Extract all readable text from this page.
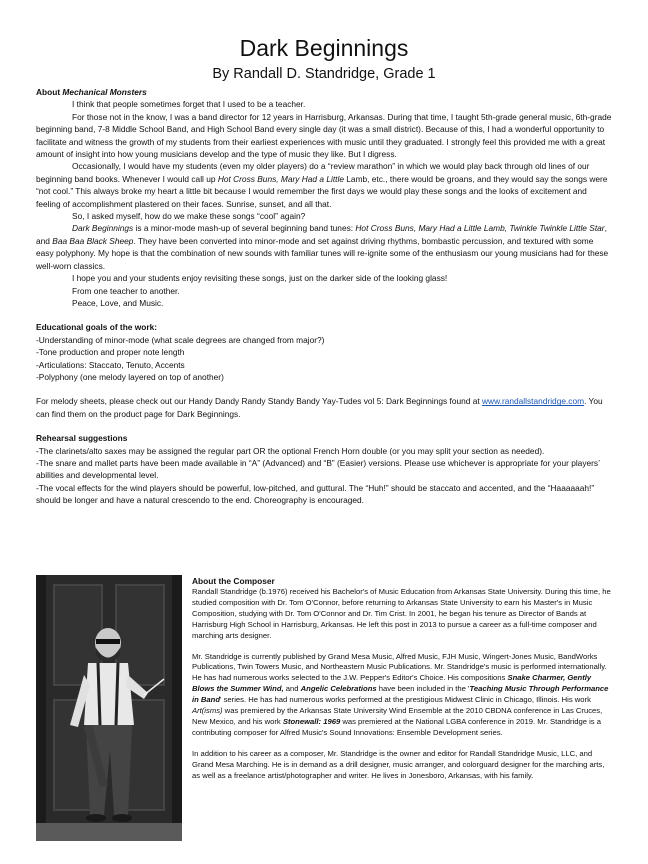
Dark Beginnings
By Randall D. Standridge, Grade 1

About Mechanical Monsters

I think that people sometimes forget that I used to be a teacher.

For those not in the know, I was a band director for 12 years in Harrisburg, Arkansas. During that time, I taught 5th-grade general music, 6th-grade beginning band, 7-8 Middle School Band, and High School Band every single day (it was a small district). Because of this, I had a wonderful opportunity to facilitate and witness the growth of my students from their earliest experiences with music until they graduated. I strongly feel this provided me with a great amount of insight into how young musicians develop and the type of music they like. But I digress.

Occasionally, I would have my students (even my older players) do a “review marathon” in which we would play back through old lines of our beginning band books. Whenever I would call up Hot Cross Buns, Mary Had a Little Lamb, etc., there would be groans, and they would say the songs were “not cool.” This always broke my heart a little bit because I would remember the first days we would play these songs and the looks of excitement and feeling of accomplishment plastered on their faces. Sunrise, sunset, and all that.

So, I asked myself, how do we make these songs “cool” again?

Dark Beginnings is a minor-mode mash-up of several beginning band tunes: Hot Cross Buns, Mary Had a Little Lamb, Twinkle Twinkle Little Star, and Baa Baa Black Sheep. They have been converted into minor-mode and set against driving rhythms, bombastic percussion, and textured with some easy polyphony. My hope is that the combination of new sounds with familiar tunes will re-ignite some of the enthusiasm our young musicians had for these well-worn classics.

I hope you and your students enjoy revisiting these songs, just on the darker side of the looking glass!

From one teacher to another.

Peace, Love, and Music.

Educational goals of the work:

-Understanding of minor-mode (what scale degrees are changed from major?)

-Tone production and proper note length

-Articulations: Staccato, Tenuto, Accents

-Polyphony (one melody layered on top of another)

For melody sheets, please check out our Handy Dandy Randy Standy Bandy Yay-Tudes vol 5: Dark Beginnings found at www.randallstandridge.com. You can find them on the product page for Dark Beginnings.

Rehearsal suggestions

-The clarinets/alto saxes may be assigned the regular part OR the optional French Horn double (or you may split your section as needed).

-The snare and mallet parts have been made available in “A” (Advanced) and “B” (Easier) versions. Please use whichever is appropriate for your players’ abilities and developmental level.

-The vocal effects for the wind players should be powerful, low-pitched, and guttural. The “Huh!” should be staccato and accented, and the “Haaaaaah!” should be longer and have a natural crescendo to the end. Choreography is encouraged.

About the Composer

Randall Standridge (b.1976) received his Bachelor's of Music Education from Arkansas State University. During this time, he studied composition with Dr. Tom O'Connor, before returning to Arkansas State University to earn his Master's in Music Composition, studying with Dr. Tom O'Connor and Dr. Tim Crist. In 2001, he began his tenure as Director of Bands at Harrisburg High School in Harrisburg, Arkansas. He left this post in 2013 to pursue a career as a full-time composer and marching arts designer.

Mr. Standridge is currently published by Grand Mesa Music, Alfred Music, FJH Music, Wingert-Jones Music, BandWorks Publications, Twin Towers Music, and Northeastern Music Publications. Mr. Standridge's music is performed internationally. He has had numerous works selected to the J.W. Pepper's Editor's Choice. His compositions Snake Charmer, Gently Blows the Summer Wind, and Angelic Celebrations have been included in the 'Teaching Music Through Performance in Band' series. He has had numerous works performed at the prestigious Midwest Clinic in Chicago, Illinois. His work Art(isms) was premiered by the Arkansas State University Wind Ensemble at the 2010 CBDNA conference in Las Cruces, New Mexico, and his work Stonewall: 1969 was premiered at the National LGBA conference in 2019. Mr. Standridge is a contributing composer for Alfred Music's Sound Innovations: Ensemble Development series.

In addition to his career as a composer, Mr. Standridge is the owner and editor for Randall Standridge Music, LLC, and Grand Mesa Marching. He is in demand as a drill designer, music arranger, and colorguard designer for the marching arts, as well as a freelance artist/photographer and writer. He lives in Jonesboro, Arkansas, with his family.
